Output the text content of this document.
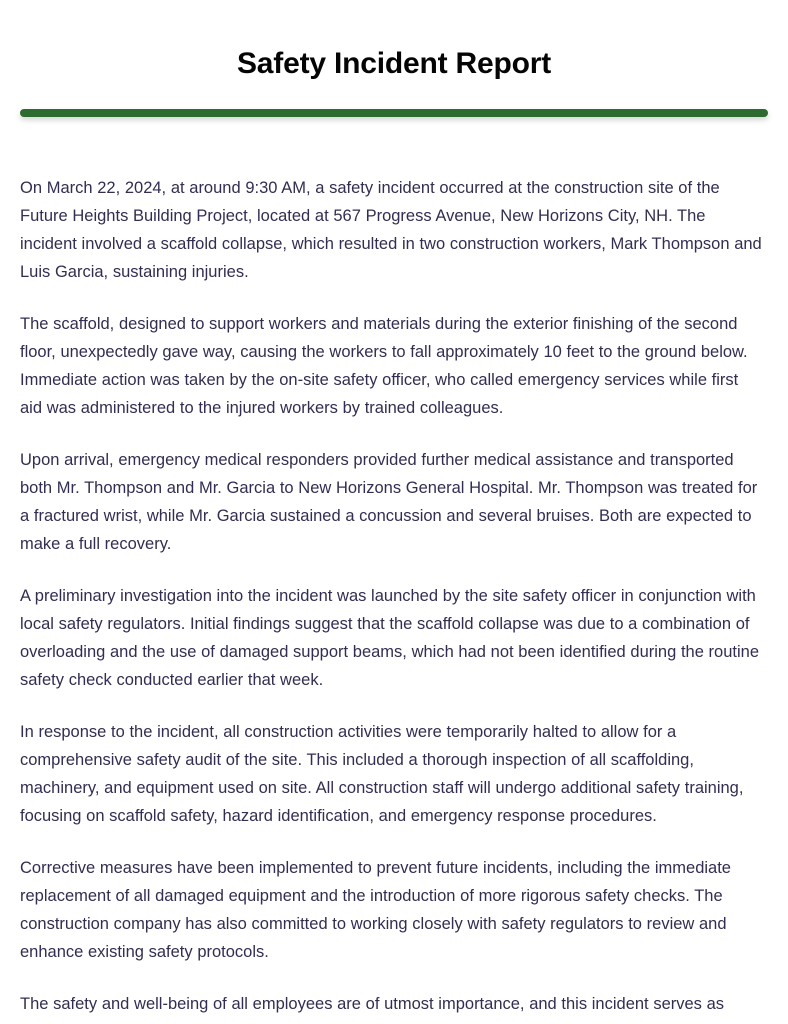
Safety Incident Report

On March 22, 2024, at around 9:30 AM, a safety incident occurred at the construction site of the Future Heights Building Project, located at 567 Progress Avenue, New Horizons City, NH. The incident involved a scaffold collapse, which resulted in two construction workers, Mark Thompson and Luis Garcia, sustaining injuries.

The scaffold, designed to support workers and materials during the exterior finishing of the second floor, unexpectedly gave way, causing the workers to fall approximately 10 feet to the ground below. Immediate action was taken by the on-site safety officer, who called emergency services while first aid was administered to the injured workers by trained colleagues.

Upon arrival, emergency medical responders provided further medical assistance and transported both Mr. Thompson and Mr. Garcia to New Horizons General Hospital. Mr. Thompson was treated for a fractured wrist, while Mr. Garcia sustained a concussion and several bruises. Both are expected to make a full recovery.

A preliminary investigation into the incident was launched by the site safety officer in conjunction with local safety regulators. Initial findings suggest that the scaffold collapse was due to a combination of overloading and the use of damaged support beams, which had not been identified during the routine safety check conducted earlier that week.

In response to the incident, all construction activities were temporarily halted to allow for a comprehensive safety audit of the site. This included a thorough inspection of all scaffolding, machinery, and equipment used on site. All construction staff will undergo additional safety training, focusing on scaffold safety, hazard identification, and emergency response procedures.

Corrective measures have been implemented to prevent future incidents, including the immediate replacement of all damaged equipment and the introduction of more rigorous safety checks. The construction company has also committed to working closely with safety regulators to review and enhance existing safety protocols.

The safety and well-being of all employees are of utmost importance, and this incident serves as
